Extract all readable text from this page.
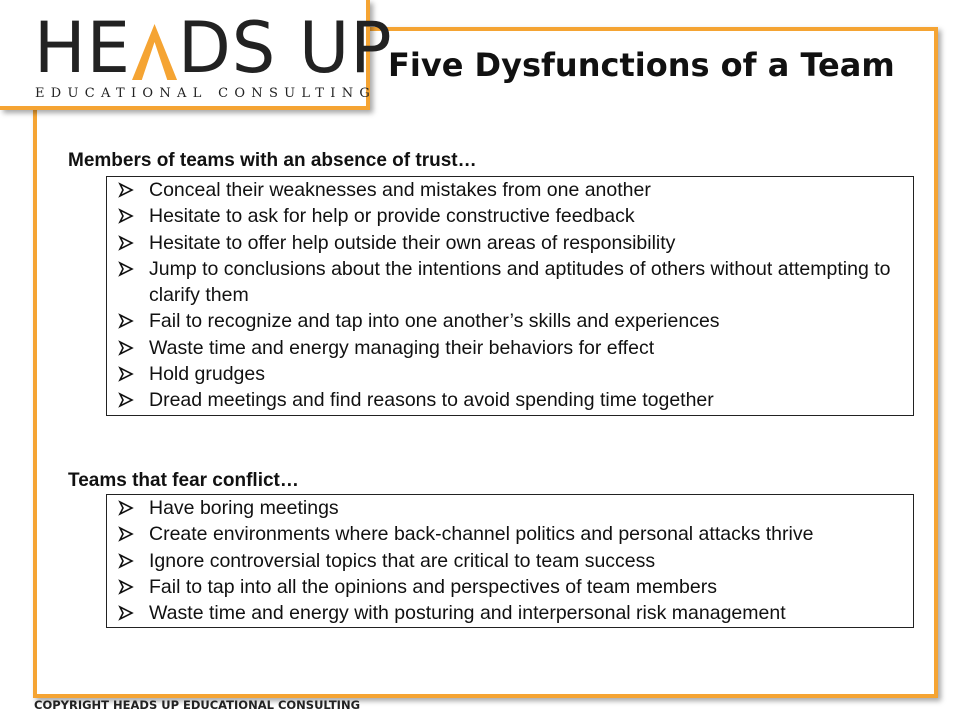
HE DS UP
EDUCATIONAL CONSULTING
Five Dysfunctions of a Team
Members of teams with an absence of trust…
Conceal their weaknesses and mistakes from one another
Hesitate to ask for help or provide constructive feedback
Hesitate to offer help outside their own areas of responsibility
Jump to conclusions about the intentions and aptitudes of others without attempting to clarify them
Fail to recognize and tap into one another’s skills and experiences
Waste time and energy managing their behaviors for effect
Hold grudges
Dread meetings and find reasons to avoid spending time together
Teams that fear conflict…
Have boring meetings
Create environments where back-channel politics and personal attacks thrive
Ignore controversial topics that are critical to team success
Fail to tap into all the opinions and perspectives of team members
Waste time and energy with posturing and interpersonal risk management
COPYRIGHT HEADS UP EDUCATIONAL CONSULTING
